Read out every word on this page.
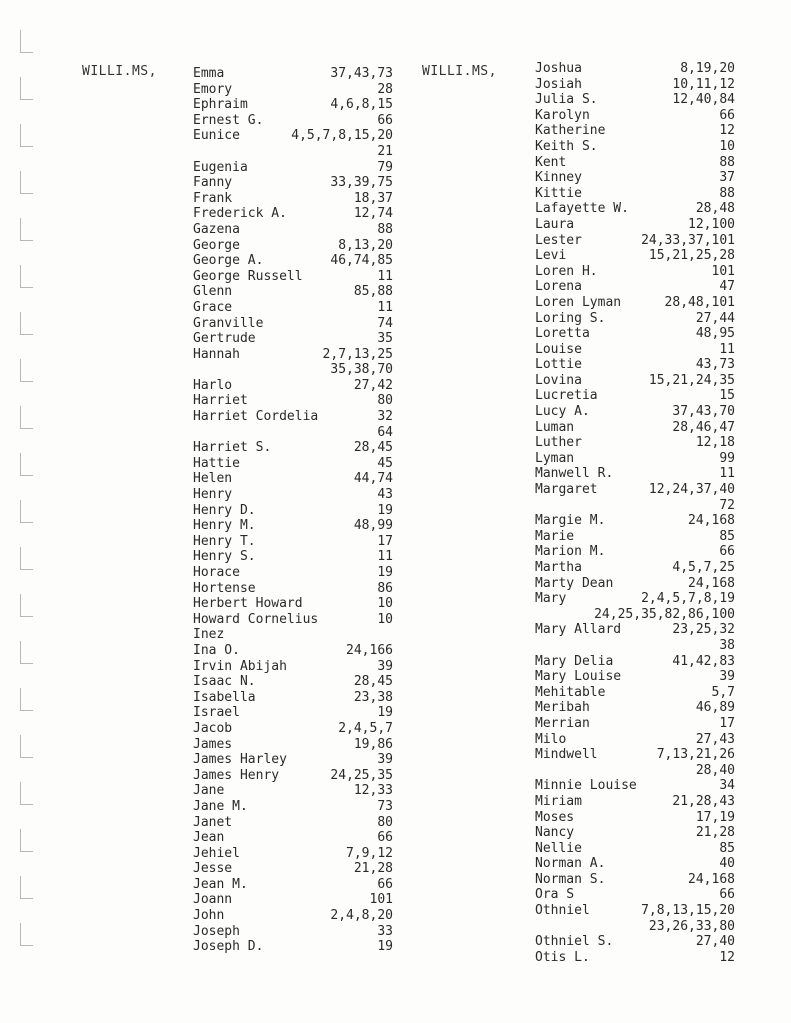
WILLI.MS,	WILLI.MS,
Emma	37,43,73
Emory	28
Ephraim	4,6,8,15
Ernest G.	66
Eunice	4,5,7,8,15,20
21
Eugenia	79
Fanny	33,39,75
Frank	18,37
Frederick A.	12,74
Gazena	88
George	8,13,20
George A.	46,74,85
George Russell	11
Glenn	85,88
Grace	11
Granville	74
Gertrude	35
Hannah	2,7,13,25
35,38,70
Harlo	27,42
Harriet	80
Harriet Cordelia	32
64
Harriet S.	28,45
Hattie	45
Helen	44,74
Henry	43
Henry D.	19
Henry M.	48,99
Henry T.	17
Henry S.	11
Horace	19
Hortense	86
Herbert Howard	10
Howard Cornelius	10
Inez
Ina O.	24,166
Irvin Abijah	39
Isaac N.	28,45
Isabella	23,38
Israel	19
Jacob	2,4,5,7
James	19,86
James Harley	39
James Henry	24,25,35
Jane	12,33
Jane M.	73
Janet	80
Jean	66
Jehiel	7,9,12
Jesse	21,28
Jean M.	66
Joann	101
John	2,4,8,20
Joseph	33
Joseph D.	19
Joshua	8,19,20
Josiah	10,11,12
Julia S.	12,40,84
Karolyn	66
Katherine	12
Keith S.	10
Kent	88
Kinney	37
Kittie	88
Lafayette W.	28,48
Laura	12,100
Lester	24,33,37,101
Levi	15,21,25,28
Loren H.	101
Lorena	47
Loren Lyman	28,48,101
Loring S.	27,44
Loretta	48,95
Louise	11
Lottie	43,73
Lovina	15,21,24,35
Lucretia	15
Lucy A.	37,43,70
Luman	28,46,47
Luther	12,18
Lyman	99
Manwell R.	11
Margaret	12,24,37,40
72
Margie M.	24,168
Marie	85
Marion M.	66
Martha	4,5,7,25
Marty Dean	24,168
Mary	2,4,5,7,8,19
24,25,35,82,86,100
Mary Allard	23,25,32
38
Mary Delia	41,42,83
Mary Louise	39
Mehitable	5,7
Meribah	46,89
Merrian	17
Milo	27,43
Mindwell	7,13,21,26
28,40
Minnie Louise	34
Miriam	21,28,43
Moses	17,19
Nancy	21,28
Nellie	85
Norman A.	40
Norman S.	24,168
Ora S	66
Othniel	7,8,13,15,20
23,26,33,80
Othniel S.	27,40
Otis L.	12
